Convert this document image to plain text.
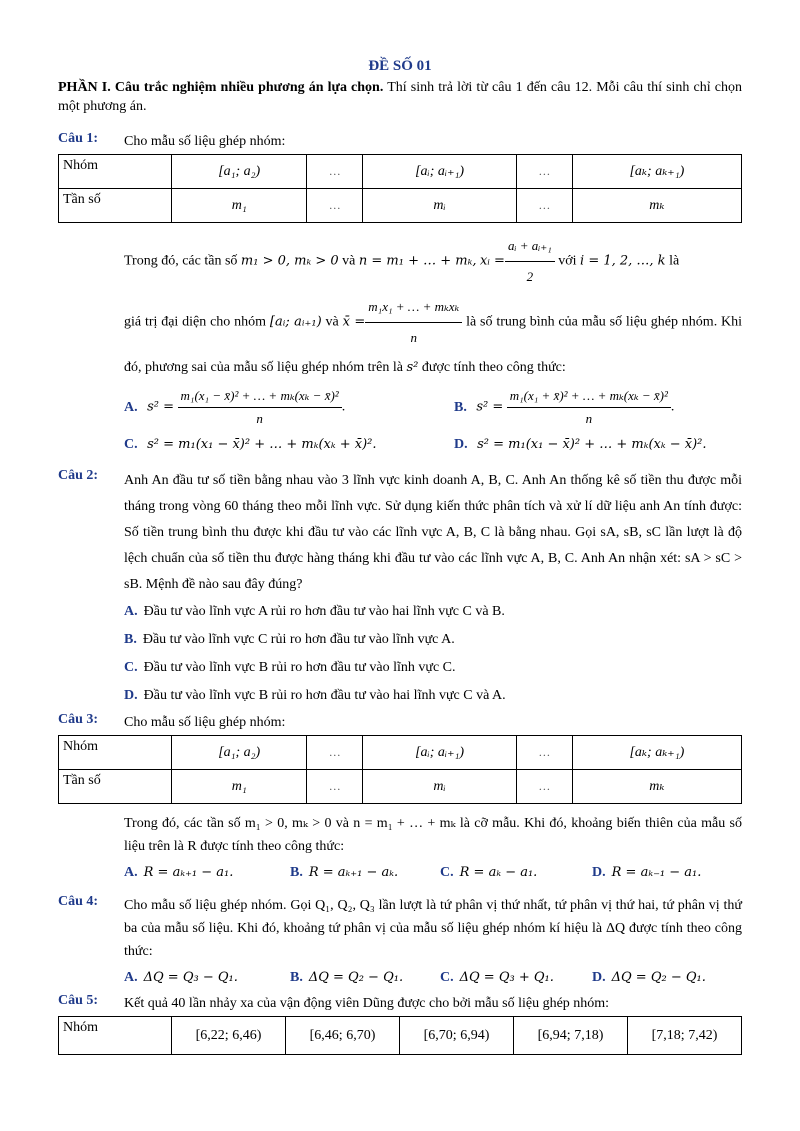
ĐỀ SỐ 01
PHẦN I. Câu trắc nghiệm nhiều phương án lựa chọn. Thí sinh trả lời từ câu 1 đến câu 12. Mỗi câu thí sinh chỉ chọn một phương án.
Câu 1: Cho mẫu số liệu ghép nhóm:
Nhóm	[a₁; a₂)	…	[aᵢ; aᵢ₊₁)	…	[aₖ; aₖ₊₁)
Tần số	m₁	…	mᵢ	…	mₖ
Trong đó, các tần số m₁ > 0, mₖ > 0 và n = m₁ + … + mₖ, xᵢ = $\frac{\text{aᵢ + aᵢ₊₁}}{2}$ với i = 1, 2, …, k là
giá trị đại diện cho nhóm [aᵢ; aᵢ₊₁) và x̄ = $\frac{\text{m₁x₁ + … + mₖxₖ}}{n}$ là số trung bình của mẫu số liệu ghép nhóm. Khi đó, phương sai của mẫu số liệu ghép nhóm trên là s² được tính theo công thức:
A. $s^2 = \frac{\text{m₁(x₁ − x̄)² + … + mₖ(xₖ − x̄)²}}{n}$ .	B. $s^2 = \frac{\text{m₁(x₁ + x̄)² + … + mₖ(xₖ − x̄)²}}{n}$ .
C. s² = m₁(x₁ − x̄)² + … + mₖ(xₖ + x̄)².	D. s² = m₁(x₁ − x̄)² + … + mₖ(xₖ − x̄)².
Câu 2: Anh An đầu tư số tiền bằng nhau vào 3 lĩnh vực kinh doanh A, B, C. Anh An thống kê số tiền thu được mỗi tháng trong vòng 60 tháng theo mỗi lĩnh vực. Sử dụng kiến thức phân tích và xử lí dữ liệu anh An tính được: Số tiền trung bình thu được khi đầu tư vào các lĩnh vực A, B, C là bằng nhau. Gọi sA, sB, sC lần lượt là độ lệch chuẩn của số tiền thu được hàng tháng khi đầu tư vào các lĩnh vực A, B, C. Anh An nhận xét: sA > sC > sB. Mệnh đề nào sau đây đúng?
A. Đầu tư vào lĩnh vực A rủi ro hơn đầu tư vào hai lĩnh vực C và B.
B. Đầu tư vào lĩnh vực C rủi ro hơn đầu tư vào lĩnh vực A.
C. Đầu tư vào lĩnh vực B rủi ro hơn đầu tư vào lĩnh vực C.
D. Đầu tư vào lĩnh vực B rủi ro hơn đầu tư vào hai lĩnh vực C và A.
Câu 3: Cho mẫu số liệu ghép nhóm:
Nhóm	[a₁; a₂)	…	[aᵢ; aᵢ₊₁)	…	[aₖ; aₖ₊₁)
Tần số	m₁	…	mᵢ	…	mₖ
Trong đó, các tần số m₁ > 0, mₖ > 0 và n = m₁ + … + mₖ là cỡ mẫu. Khi đó, khoảng biến thiên của mẫu số liệu trên là R được tính theo công thức:
A. R = aₖ₊₁ − a₁.	B. R = aₖ₊₁ − aₖ.	C. R = aₖ − a₁.	D. R = aₖ₋₁ − a₁.
Câu 4: Cho mẫu số liệu ghép nhóm. Gọi Q₁, Q₂, Q₃ lần lượt là tứ phân vị thứ nhất, tứ phân vị thứ hai, tứ phân vị thứ ba của mẫu số liệu. Khi đó, khoảng tứ phân vị của mẫu số liệu ghép nhóm kí hiệu là ΔQ được tính theo công thức:
A. ΔQ = Q₃ − Q₁.	B. ΔQ = Q₂ − Q₁.	C. ΔQ = Q₃ + Q₁.	D. ΔQ = Q₂ − Q₁.
Câu 5: Kết quả 40 lần nhảy xa của vận động viên Dũng được cho bởi mẫu số liệu ghép nhóm:
Nhóm	[6,22; 6,46)	[6,46; 6,70)	[6,70; 6,94)	[6,94; 7,18)	[7,18; 7,42)
